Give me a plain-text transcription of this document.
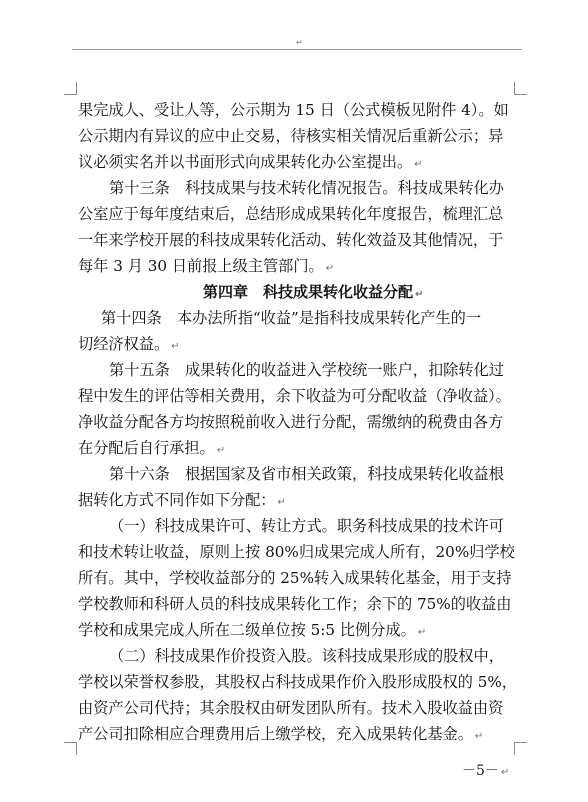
↵
果完成人、受让人等，公示期为 15 日（公式模板见附件 4）。如
公示期内有异议的应中止交易，待核实相关情况后重新公示；异
议必须实名并以书面形式向成果转化办公室提出。 ↵
第十三条　科技成果与技术转化情况报告。科技成果转化办
公室应于每年度结束后，总结形成成果转化年度报告，梳理汇总
一年来学校开展的科技成果转化活动、转化效益及其他情况，于
每年 3 月 30 日前报上级主管部门。 ↵
第四章　科技成果转化收益分配 ↵
第十四条　本办法所指“收益”是指科技成果转化产生的一
切经济权益。 ↵
第十五条　成果转化的收益进入学校统一账户，扣除转化过
程中发生的评估等相关费用，余下收益为可分配收益（净收益）。
净收益分配各方均按照税前收入进行分配，需缴纳的税费由各方
在分配后自行承担。 ↵
第十六条　根据国家及省市相关政策，科技成果转化收益根
据转化方式不同作如下分配： ↵
（一）科技成果许可、转让方式。职务科技成果的技术许可
和技术转让收益，原则上按 80%归成果完成人所有，20%归学校
所有。其中，学校收益部分的 25%转入成果转化基金，用于支持
学校教师和科研人员的科技成果转化工作；余下的 75%的收益由
学校和成果完成人所在二级单位按 5:5 比例分成。 ↵
（二）科技成果作价投资入股。该科技成果形成的股权中，
学校以荣誉权参股，其股权占科技成果作价入股形成股权的 5%，
由资产公司代持；其余股权由研发团队所有。技术入股收益由资
产公司扣除相应合理费用后上缴学校，充入成果转化基金。 ↵
－5－ ↵
